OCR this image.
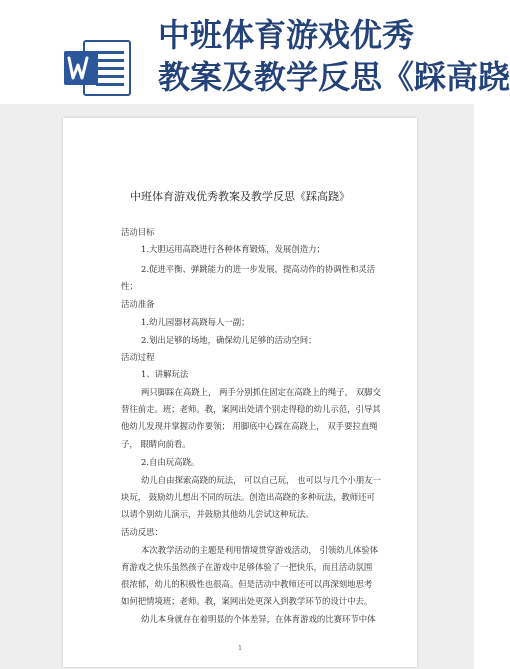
中班体育游戏优秀
教案及教学反思《踩高跷
中班体育游戏优秀教案及教学反思《踩高跷》
活动目标
1.大胆运用高跷进行各种体育锻炼，发展创造力；
2.促进平衡、弹跳能力的进一步发展，提高动作的协调性和灵活
性；
活动准备
1.幼儿园器材高跷每人一副；
2.划出足够的场地，确保幼儿足够的活动空间；
活动过程
1、讲解玩法
两只脚踩在高跷上， 两手分别抓住固定在高跷上的绳子， 双脚交
替往前走。班；老师。教，案网出处请个别走得稳的幼儿示范，引导其
他幼儿发现并掌握动作要领； 用脚底中心踩在高跷上， 双手要拉直绳
子， 眼睛向前看。
2.自由玩高跷。
幼儿自由探索高跷的玩法， 可以自己玩， 也可以与几个小朋友一
块玩， 鼓励幼儿想出不同的玩法。创造出高跷的多种玩法，教师还可
以请个别幼儿演示，并鼓励其他幼儿尝试这种玩法。
活动反思：
本次教学活动的主题是利用情境贯穿游戏活动， 引领幼儿体验体
育游戏之快乐虽然孩子在游戏中足够体验了一把快乐，而且活动氛围
很浓郁，幼儿的积极性也很高。但是活动中教师还可以再深刻地思考
如何把情境班；老师。教，案网出处更深入到教学环节的设计中去。
幼儿本身就存在着明显的个体差异，在体育游戏的比赛环节中体
1
